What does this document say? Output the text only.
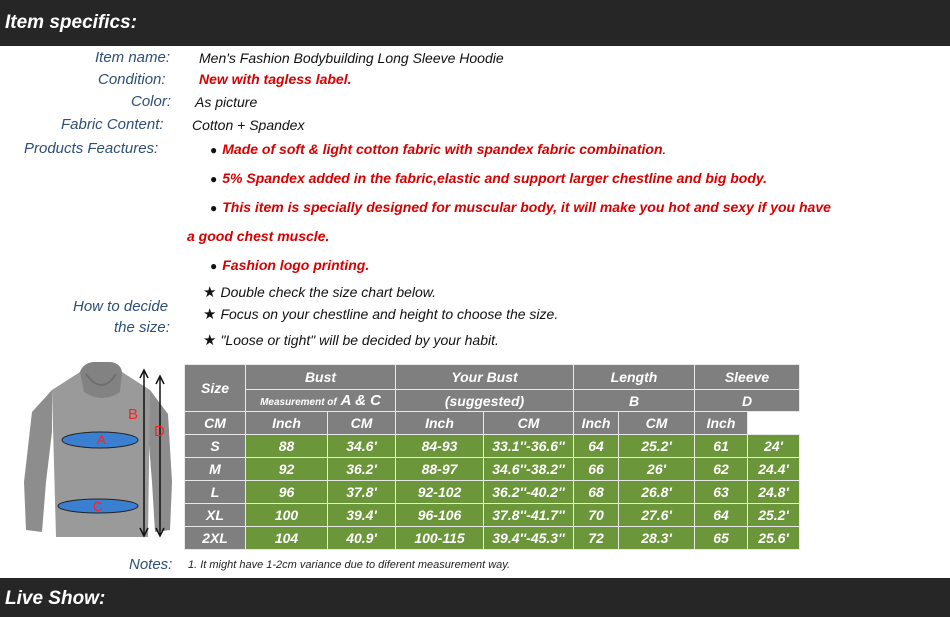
Item specifics:
Item name: Men's Fashion Bodybuilding Long Sleeve Hoodie
Condition: New with tagless label.
Color: As picture
Fabric Content: Cotton + Spandex
Products Feactures:	● Made of soft & light cotton fabric with spandex fabric combination.
● 5% Spandex added in the fabric,elastic and support larger chestline and big body.
● This item is specially designed for muscular body, it will make you hot and sexy if you have
a good chest muscle.
● Fashion logo printing.
How to decide
the size:
★ Double check the size chart below.
★ Focus on your chestline and height to choose the size.
★ "Loose or tight" will be decided by your habit.
A
B
C
D
Size	Bust		Your Bust		Length		Sleeve	
	Measurement of A & C		(suggested)		B		D	
CM	Inch	CM	Inch	CM	Inch	CM	Inch	
S	88	34.6'	84-93	33.1''-36.6''	64	25.2'	61	24'
M	92	36.2'	88-97	34.6''-38.2''	66	26'	62	24.4'
L	96	37.8'	92-102	36.2''-40.2''	68	26.8'	63	24.8'
XL	100	39.4'	96-106	37.8''-41.7''	70	27.6'	64	25.2'
2XL	104	40.9'	100-115	39.4''-45.3''	72	28.3'	65	25.6'
Notes: 1. It might have 1-2cm variance due to diferent measurement way.
Live Show:
